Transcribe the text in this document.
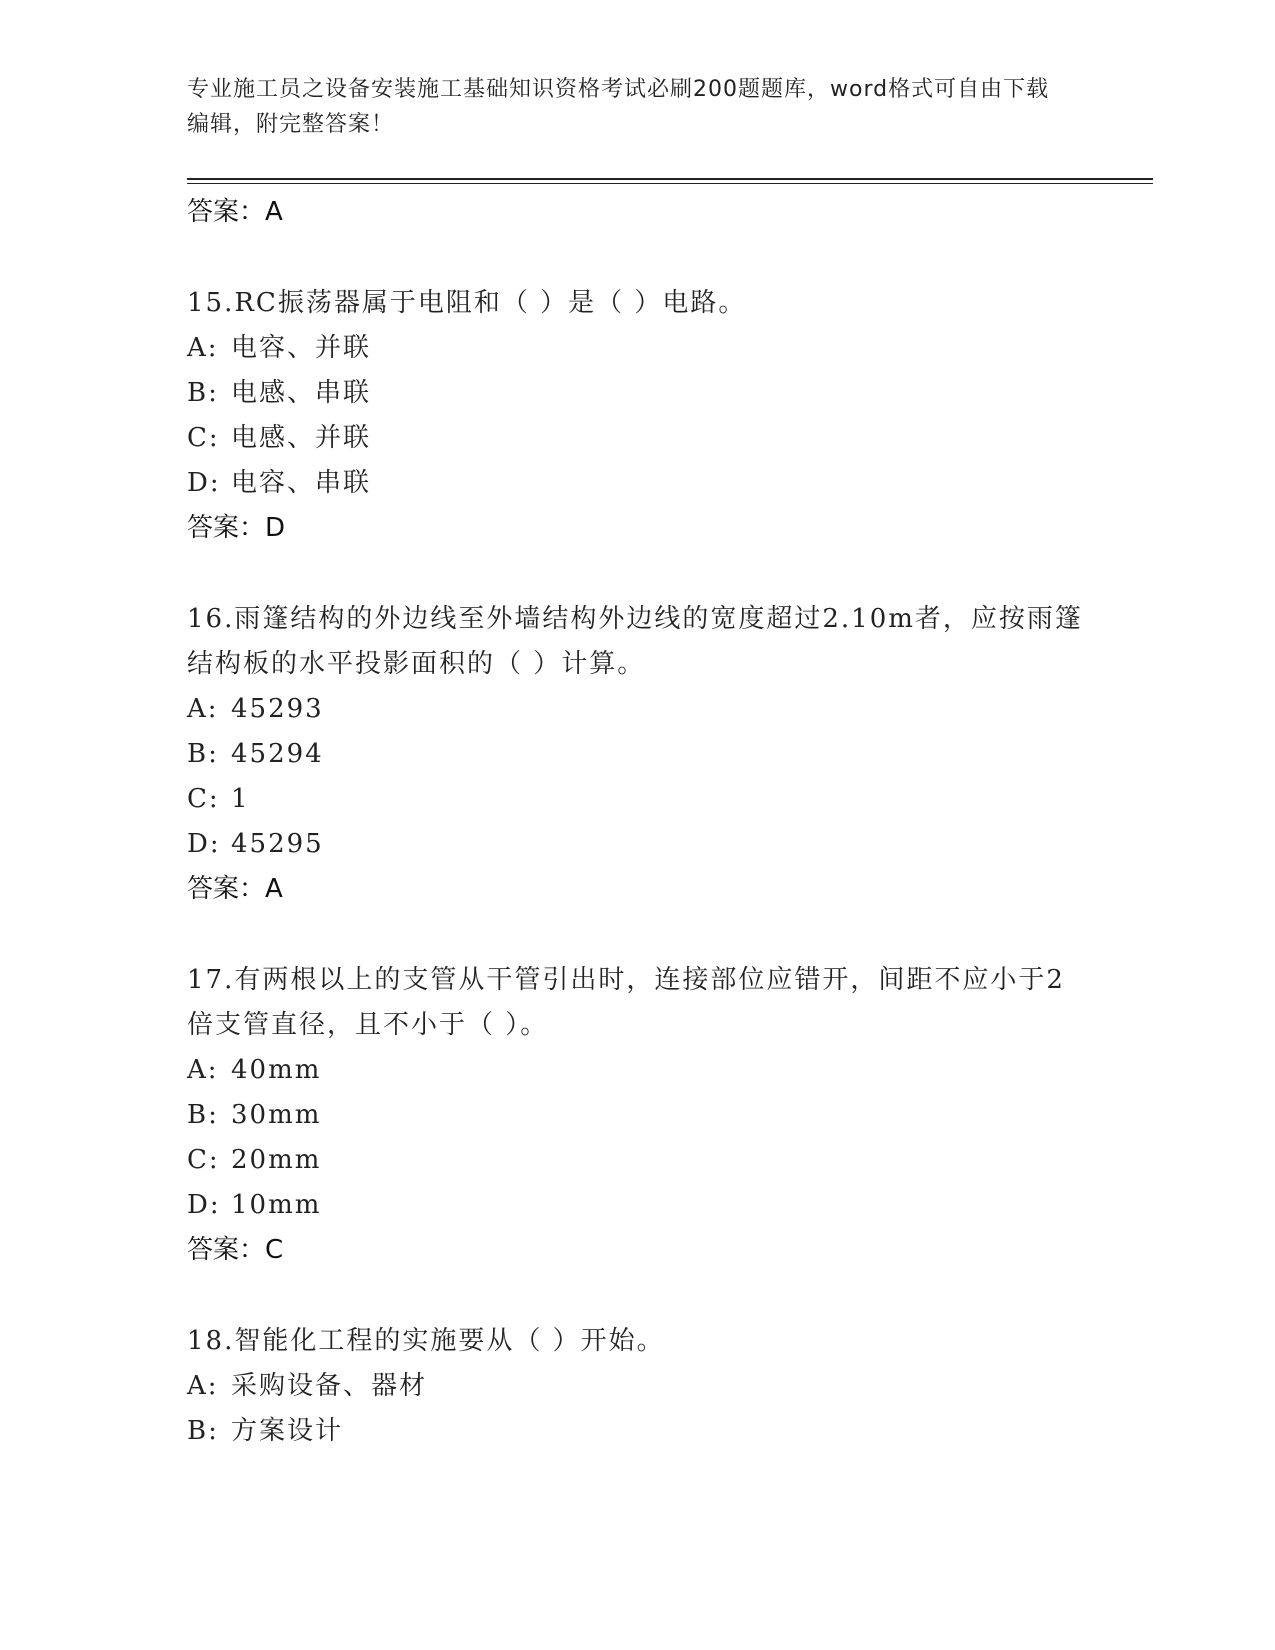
专业施工员之设备安装施工基础知识资格考试必刷200题题库，word格式可自由下载编辑，附完整答案！
答案：A
15.RC振荡器属于电阻和（ ）是（ ）电路。
A: 电容、并联
B: 电感、串联
C: 电感、并联
D: 电容、串联
答案：D
16.雨篷结构的外边线至外墙结构外边线的宽度超过2.10m者，应按雨篷结构板的水平投影面积的（ ）计算。
A: 45293
B: 45294
C: 1
D: 45295
答案：A
17.有两根以上的支管从干管引出时，连接部位应错开，间距不应小于2倍支管直径，且不小于（ ）。
A: 40mm
B: 30mm
C: 20mm
D: 10mm
答案：C
18.智能化工程的实施要从（ ）开始。
A: 采购设备、器材
B: 方案设计
